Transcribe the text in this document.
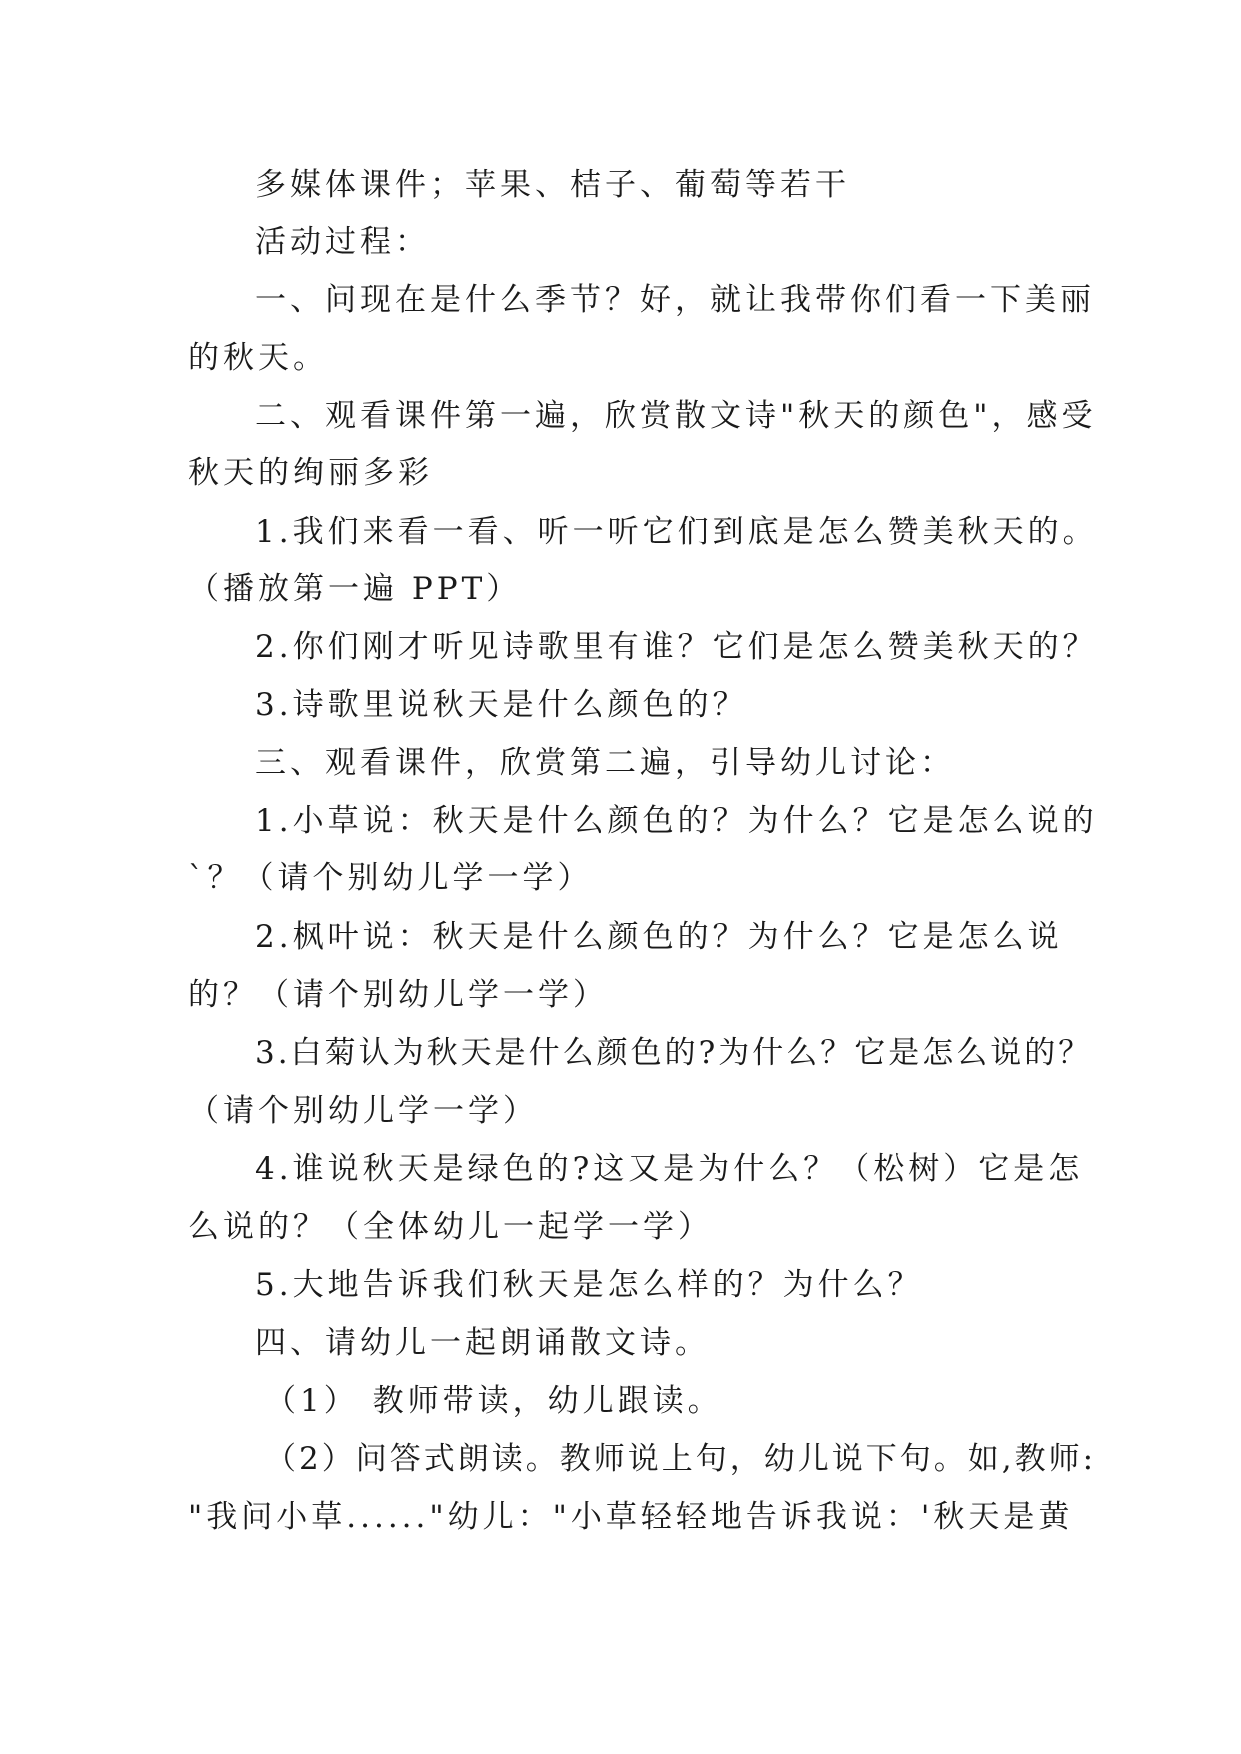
多媒体课件；苹果、桔子、葡萄等若干
活动过程：
一、问现在是什么季节？好，就让我带你们看一下美丽
的秋天。
二、观看课件第一遍，欣赏散文诗"秋天的颜色"，感受
秋天的绚丽多彩
1.我们来看一看、听一听它们到底是怎么赞美秋天的。
（播放第一遍 PPT）
2.你们刚才听见诗歌里有谁？它们是怎么赞美秋天的？
3.诗歌里说秋天是什么颜色的？
三、观看课件，欣赏第二遍，引导幼儿讨论：
1.小草说：秋天是什么颜色的？为什么？它是怎么说的
`？（请个别幼儿学一学）
2.枫叶说：秋天是什么颜色的？为什么？它是怎么说
的？（请个别幼儿学一学）
3.白菊认为秋天是什么颜色的?为什么？它是怎么说的？
（请个别幼儿学一学）
4.谁说秋天是绿色的?这又是为什么？（松树）它是怎
么说的？（全体幼儿一起学一学）
5.大地告诉我们秋天是怎么样的？为什么？
四、请幼儿一起朗诵散文诗。
（1） 教师带读，幼儿跟读。
（2）问答式朗读。教师说上句，幼儿说下句。如,教师:
"我问小草......"幼儿："小草轻轻地告诉我说：'秋天是黄
